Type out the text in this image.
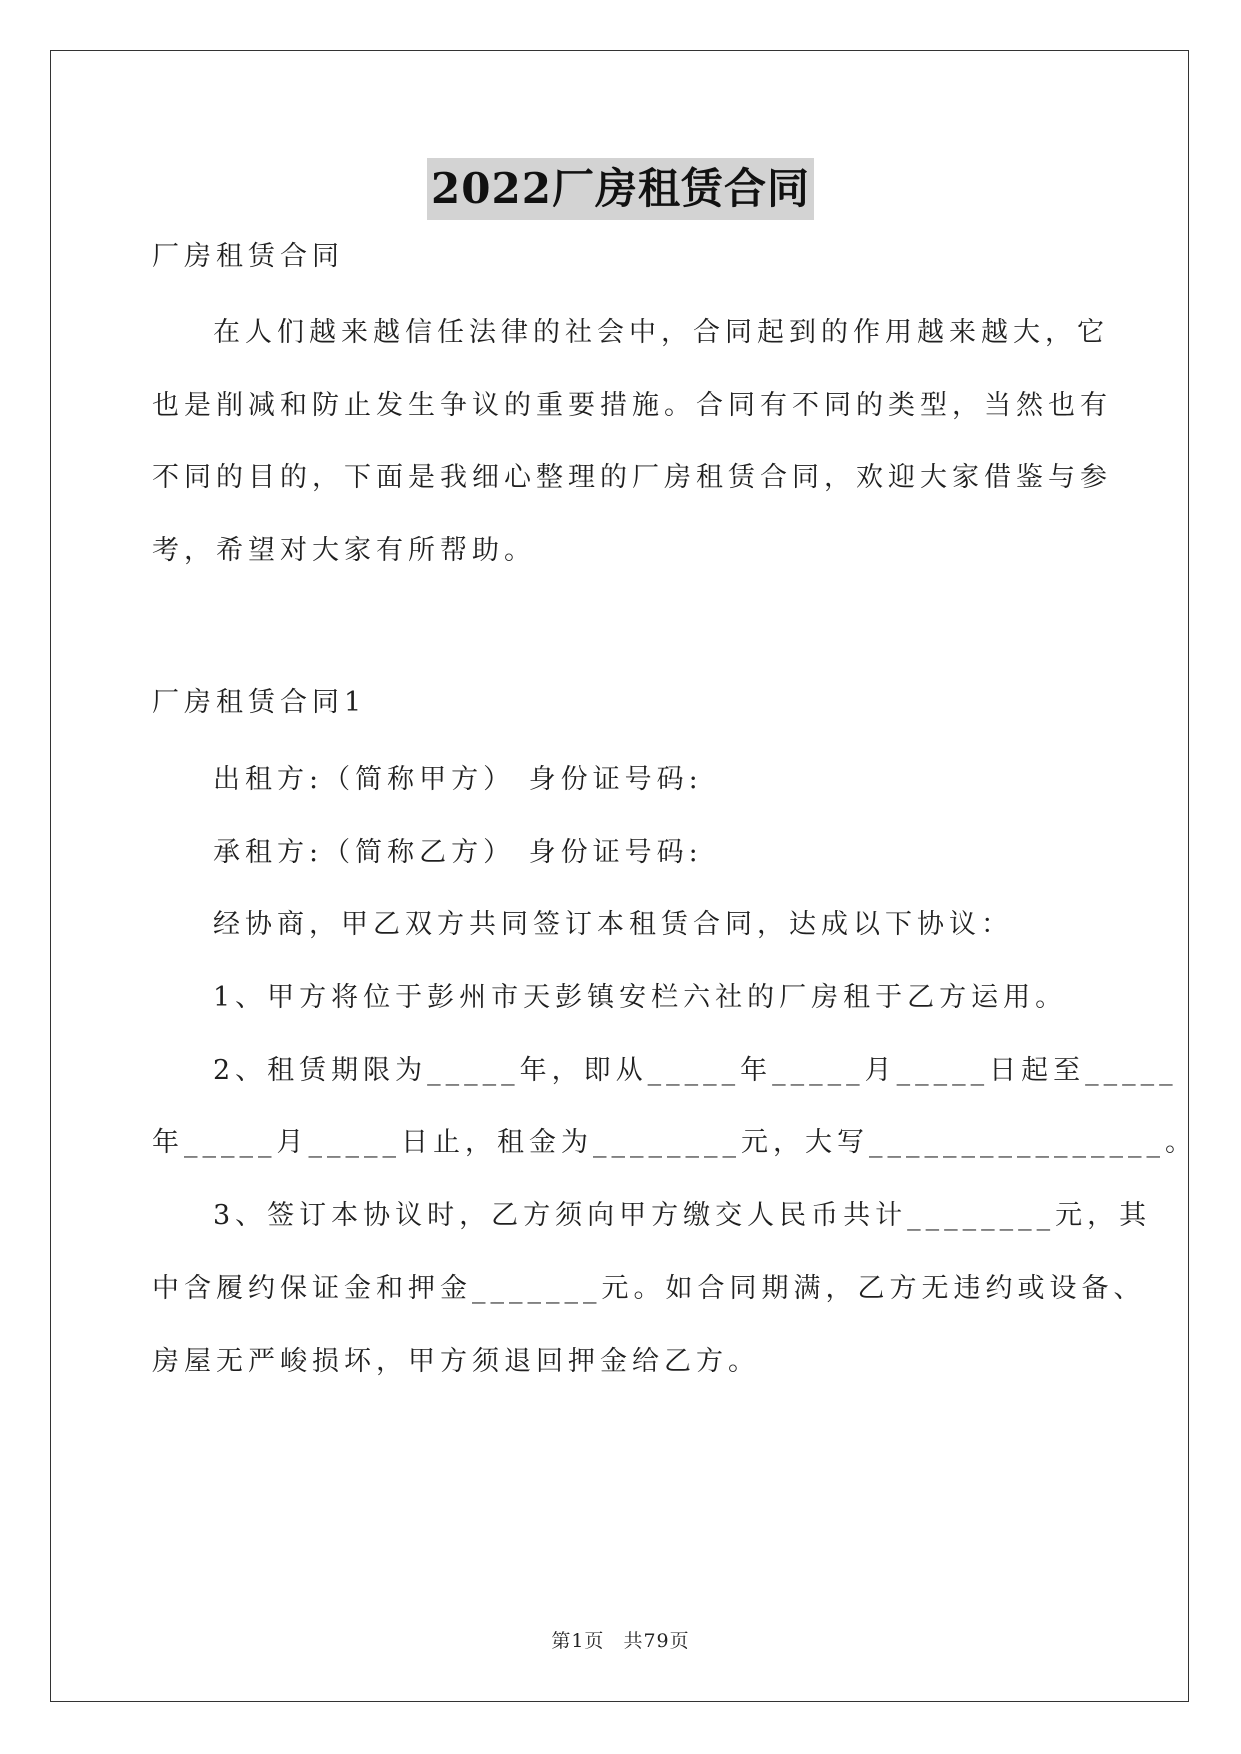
2022厂房租赁合同
厂房租赁合同
在人们越来越信任法律的社会中，合同起到的作用越来越大，它
也是削减和防止发生争议的重要措施。合同有不同的类型，当然也有
不同的目的，下面是我细心整理的厂房租赁合同，欢迎大家借鉴与参
考，希望对大家有所帮助。
厂房租赁合同1
出租方:（简称甲方） 身份证号码:
承租方:（简称乙方） 身份证号码:
经协商，甲乙双方共同签订本租赁合同，达成以下协议：
1、甲方将位于彭州市天彭镇安栏六社的厂房租于乙方运用。
2、租赁期限为_____年，即从_____年_____月_____日起至_____
年_____月_____日止，租金为________元，大写________________。
3、签订本协议时，乙方须向甲方缴交人民币共计________元，其
中含履约保证金和押金_______元。如合同期满，乙方无违约或设备、
房屋无严峻损坏，甲方须退回押金给乙方。
第1页 共79页
